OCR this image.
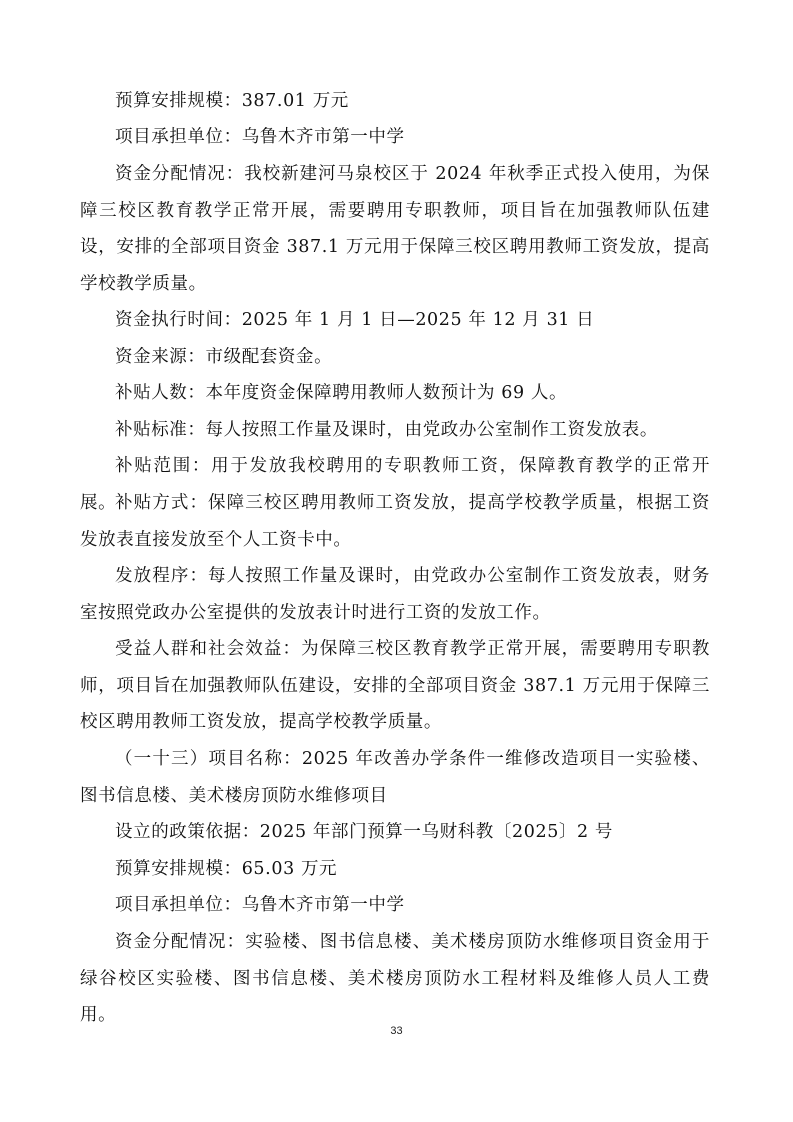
预算安排规模：387.01 万元

项目承担单位：乌鲁木齐市第一中学

资金分配情况：我校新建河马泉校区于 2024 年秋季正式投入使用，为保障三校区教育教学正常开展，需要聘用专职教师，项目旨在加强教师队伍建设，安排的全部项目资金 387.1 万元用于保障三校区聘用教师工资发放，提高学校教学质量。

资金执行时间：2025 年 1 月 1 日—2025 年 12 月 31 日

资金来源：市级配套资金。

补贴人数：本年度资金保障聘用教师人数预计为 69 人。

补贴标准：每人按照工作量及课时，由党政办公室制作工资发放表。

补贴范围：用于发放我校聘用的专职教师工资，保障教育教学的正常开展。

补贴方式：保障三校区聘用教师工资发放，提高学校教学质量，根据工资发放表直接发放至个人工资卡中。

发放程序：每人按照工作量及课时，由党政办公室制作工资发放表，财务室按照党政办公室提供的发放表计时进行工资的发放工作。

受益人群和社会效益：为保障三校区教育教学正常开展，需要聘用专职教师，项目旨在加强教师队伍建设，安排的全部项目资金 387.1 万元用于保障三校区聘用教师工资发放，提高学校教学质量。

（一十三）项目名称：2025 年改善办学条件一维修改造项目一实验楼、图书信息楼、美术楼房顶防水维修项目

设立的政策依据：2025 年部门预算一乌财科教〔2025〕2 号

预算安排规模：65.03 万元

项目承担单位：乌鲁木齐市第一中学

资金分配情况：实验楼、图书信息楼、美术楼房顶防水维修项目资金用于绿谷校区实验楼、图书信息楼、美术楼房顶防水工程材料及维修人员人工费用。

33
